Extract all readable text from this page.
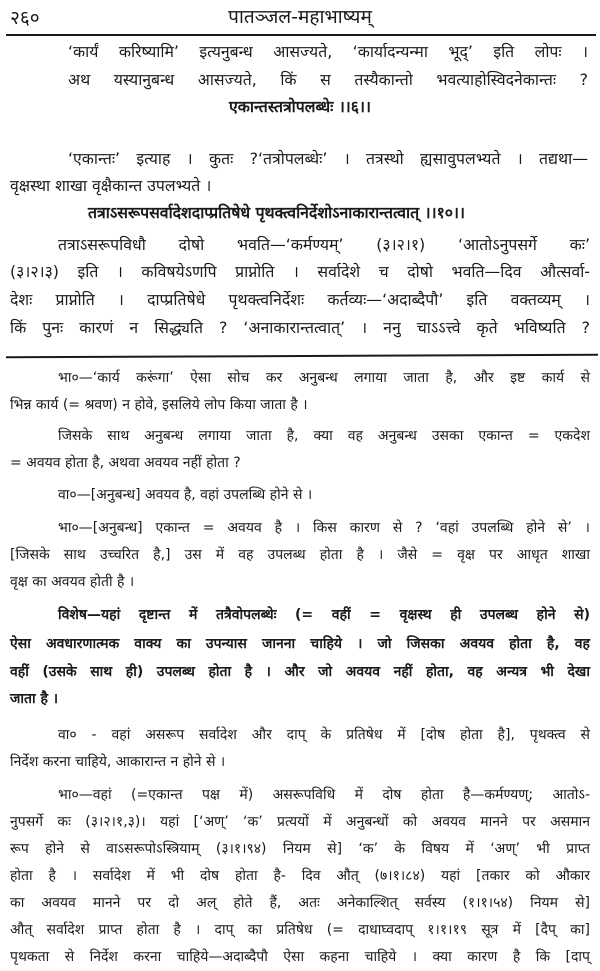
२६०	पातञ्जल-महाभाष्यम्
‘कार्यं करिष्यामि’ इत्यनुबन्ध आसज्यते, ‘कार्यादन्यन्मा भूद्’ इति लोपः ।
अथ यस्यानुबन्ध आसज्यते, किं स तस्यैकान्तो भवत्याहोस्विदनेकान्तः ?
एकान्तस्तत्रोपलब्धेः ।।६।।
‘एकान्तः’ इत्याह । कुतः ?‘तत्रोपलब्धेः’ । तत्रस्थो ह्यसावुपलभ्यते । तद्यथा—
वृक्षस्था शाखा वृक्षैकान्त उपलभ्यते ।
तत्राऽसरूपसर्वादेशदाप्प्रतिषेधे पृथक्त्वनिर्देशोऽनाकारान्तत्वात् ।।१०।।
तत्राऽसरूपविधौ दोषो भवति—‘कर्मण्यम्’ (३।२।१) ‘आतोऽनुपसर्गे कः’
(३।२।३) इति । कविषयेऽणपि प्राप्नोति । सर्वादेशे च दोषो भवति—दिव औत्सर्वा-
देशः प्राप्नोति । दाप्प्रतिषेधे पृथक्त्वनिर्देशः कर्तव्यः—‘अदाब्दैपौ’ इति वक्तव्यम् ।
किं पुनः कारणं न सिद्ध्यति ? ‘अनाकारान्तत्वात्’ । ननु चाऽऽत्त्वे कृते भविष्यति ?
भा०—‘कार्य करूंगा’ ऐसा सोच कर अनुबन्ध लगाया जाता है, और इष्ट कार्य से
भिन्न कार्य (= श्रवण) न होवे, इसलिये लोप किया जाता है ।
जिसके साथ अनुबन्ध लगाया जाता है, क्या वह अनुबन्ध उसका एकान्त = एकदेश
= अवयव होता है, अथवा अवयव नहीं होता ?
वा०—[अनुबन्ध] अवयव है, वहां उपलब्धि होने से ।
भा०—[अनुबन्ध] एकान्त = अवयव है । किस कारण से ? ‘वहां उपलब्धि होने से’ ।
[जिसके साथ उच्चरित है,] उस में वह उपलब्ध होता है । जैसे = वृक्ष पर आधृत शाखा
वृक्ष का अवयव होती है ।
विशेष—यहां दृष्टान्त में तत्रैवोपलब्धेः (= वहीं = वृक्षस्थ ही उपलब्ध होने से)
ऐसा अवधारणात्मक वाक्य का उपन्यास जानना चाहिये । जो जिसका अवयव होता है, वह
वहीं (उसके साथ ही) उपलब्ध होता है । और जो अवयव नहीं होता, वह अन्यत्र भी देखा
जाता है ।
वा० - वहां असरूप सर्वादेश और दाप् के प्रतिषेध में [दोष होता है], पृथक्त्व से
निर्देश करना चाहिये, आकारान्त न होने से ।
भा०—वहां (=एकान्त पक्ष में) असरूपविधि में दोष होता है—कर्मण्यण्; आतोऽ-
नुपसर्गे कः (३।२।१,३)। यहां [‘अण्’ ‘क’ प्रत्ययों में अनुबन्धों को अवयव मानने पर असमान
रूप होने से वाऽसरूपोऽस्त्रियाम् (३।१।९४) नियम से] ‘क’ के विषय में ‘अण्’ भी प्राप्त
होता है । सर्वादेश में भी दोष होता है- दिव औत् (७।१।८४) यहां [तकार को औकार
का अवयव मानने पर दो अल् होते हैं, अतः अनेकाल्शित् सर्वस्य (१।१।५४) नियम से]
औत् सर्वादेश प्राप्त होता है । दाप् का प्रतिषेध (= दाधाघ्वदाप् १।१।१९ सूत्र में [दैप् का]
पृथकता से निर्देश करना चाहिये—अदाब्दैपौ ऐसा कहना चाहिये । क्या कारण है कि [दाप्
